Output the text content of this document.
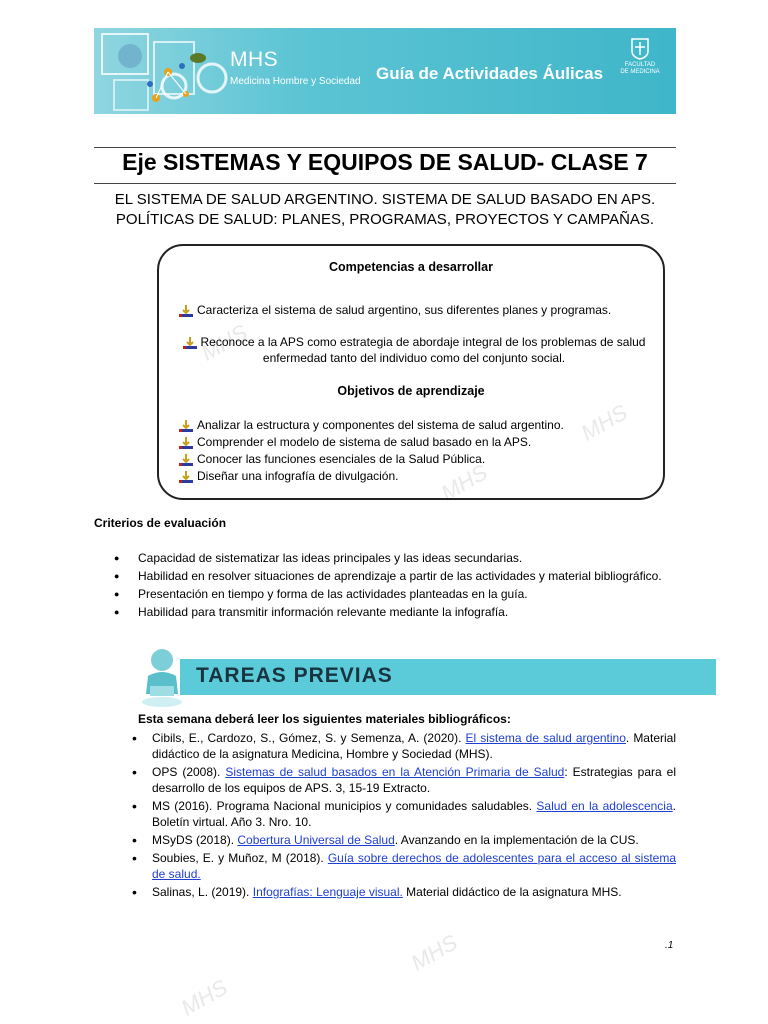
MHS
Medicina Hombre y Sociedad Guía de Actividades Áulicas	FACULTAD
DE MEDICINA
MHS
MHS
MHS
MHS
MHS
Eje SISTEMAS Y EQUIPOS DE SALUD- CLASE 7
EL SISTEMA DE SALUD ARGENTINO. SISTEMA DE SALUD BASADO EN APS.
POLÍTICAS DE SALUD: PLANES, PROGRAMAS, PROYECTOS Y CAMPAÑAS.
Competencias a desarrollar
Caracteriza el sistema de salud argentino, sus diferentes planes y programas.
Reconoce a la APS como estrategia de abordaje integral de los problemas de salud enfermedad tanto del individuo como del conjunto social.
Objetivos de aprendizaje
Analizar la estructura y componentes del sistema de salud argentino.
Comprender el modelo de sistema de salud basado en la APS.
Conocer las funciones esenciales de la Salud Pública.
Diseñar una infografía de divulgación.
Criterios de evaluación
● Capacidad de sistematizar las ideas principales y las ideas secundarias.
● Habilidad en resolver situaciones de aprendizaje a partir de las actividades y material bibliográfico.
● Presentación en tiempo y forma de las actividades planteadas en la guía.
● Habilidad para transmitir información relevante mediante la infografía.
TAREAS PREVIAS
Esta semana deberá leer los siguientes materiales bibliográficos:
• Cibils, E., Cardozo, S., Gómez, S. y Semenza, A. (2020). El sistema de salud argentino. Material didáctico de la asignatura Medicina, Hombre y Sociedad (MHS).
• OPS (2008). Sistemas de salud basados en la Atención Primaria de Salud: Estrategias para el desarrollo de los equipos de APS. 3, 15-19 Extracto.
• MS (2016). Programa Nacional municipios y comunidades saludables. Salud en la adolescencia. Boletín virtual. Año 3. Nro. 10.
• MSyDS (2018). Cobertura Universal de Salud. Avanzando en la implementación de la CUS.
• Soubies, E. y Muñoz, M (2018). Guía sobre derechos de adolescentes para el acceso al sistema de salud.
• Salinas, L. (2019). Infografías: Lenguaje visual. Material didáctico de la asignatura MHS.
.1
